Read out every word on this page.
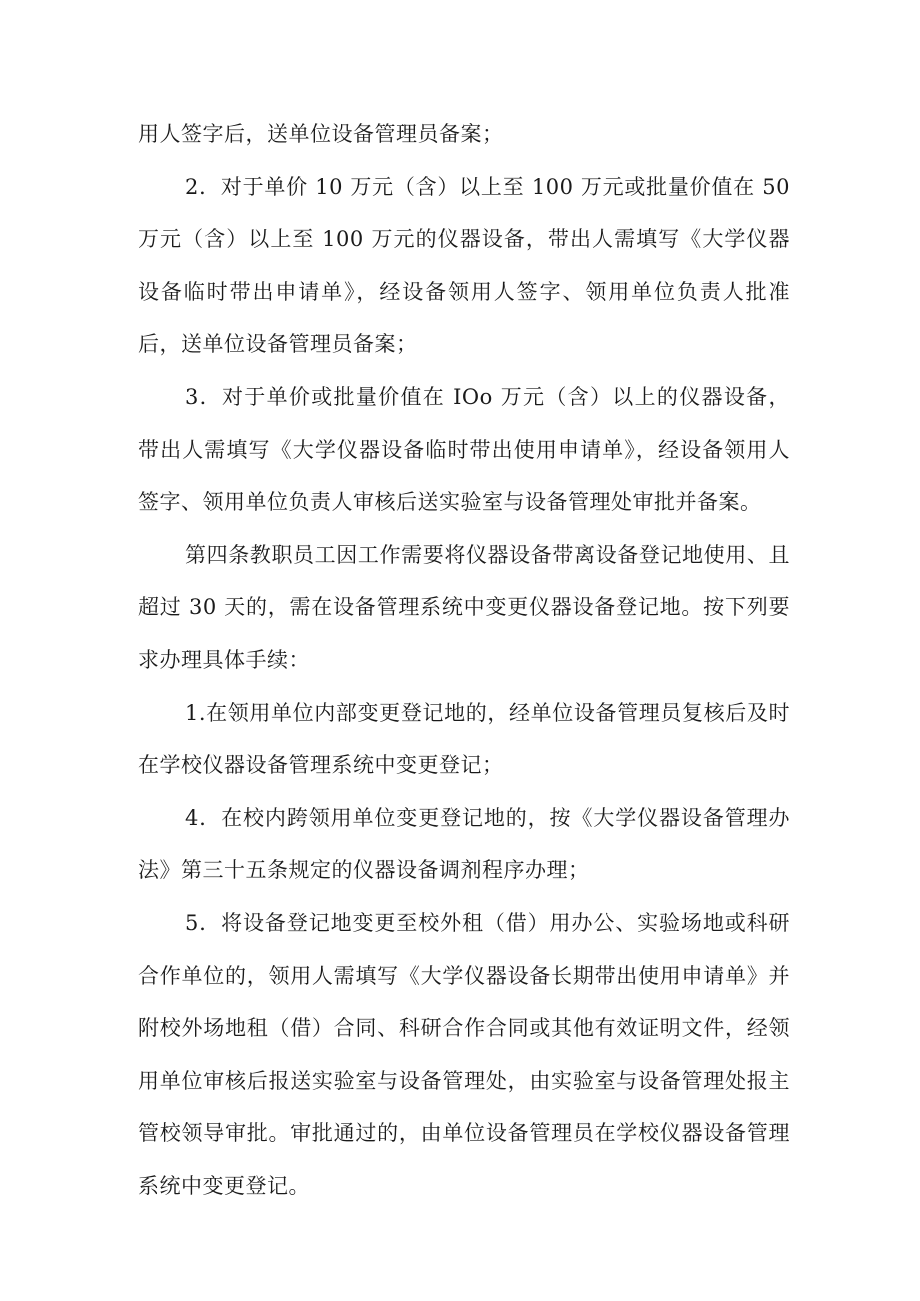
用人签字后，送单位设备管理员备案；

2．对于单价 10 万元（含）以上至 100 万元或批量价值在 50 万元（含）以上至 100 万元的仪器设备，带出人需填写《大学仪器设备临时带出申请单》，经设备领用人签字、领用单位负责人批准后，送单位设备管理员备案；

3．对于单价或批量价值在 IOo 万元（含）以上的仪器设备，带出人需填写《大学仪器设备临时带出使用申请单》，经设备领用人签字、领用单位负责人审核后送实验室与设备管理处审批并备案。

第四条教职员工因工作需要将仪器设备带离设备登记地使用、且超过 30 天的，需在设备管理系统中变更仪器设备登记地。按下列要求办理具体手续：

1.在领用单位内部变更登记地的，经单位设备管理员复核后及时在学校仪器设备管理系统中变更登记；

4．在校内跨领用单位变更登记地的，按《大学仪器设备管理办法》第三十五条规定的仪器设备调剂程序办理；

5．将设备登记地变更至校外租（借）用办公、实验场地或科研合作单位的，领用人需填写《大学仪器设备长期带出使用申请单》并附校外场地租（借）合同、科研合作合同或其他有效证明文件，经领用单位审核后报送实验室与设备管理处，由实验室与设备管理处报主管校领导审批。审批通过的，由单位设备管理员在学校仪器设备管理系统中变更登记。
